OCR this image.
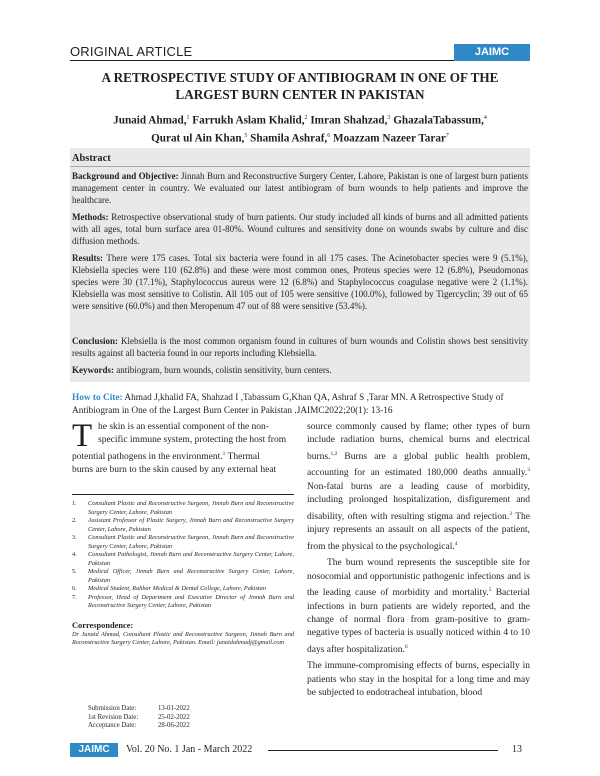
ORIGINAL ARTICLE	JAIMC
A RETROSPECTIVE STUDY OF ANTIBIOGRAM IN ONE OF THE
LARGEST BURN CENTER IN PAKISTAN
Junaid Ahmad,$^1$ Farrukh Aslam Khalid,$^2$ Imran Shahzad,$^3$ GhazalaTabassum,$^4$
Qurat ul Ain Khan,$^5$ Shamila Ashraf,$^6$ Moazzam Nazeer Tarar$^7$
Abstract
Background and Objective: Jinnah Burn and Reconstructive Surgery Center, Lahore, Pakistan is one of largest burn patients management center in country. We evaluated our latest antibiogram of burn wounds to help patients and improve the healthcare.
Methods: Retrospective observational study of burn patients. Our study included all kinds of burns and all admitted patients with all ages, total burn surface area 01-80%. Wound cultures and sensitivity done on wounds swabs by culture and disc diffusion methods.
Results: There were 175 cases. Total six bacteria were found in all 175 cases. The Acinetobacter species were 9 (5.1%), Klebsiella species were 110 (62.8%) and these were most common ones, Proteus species were 12 (6.8%), Pseudomonas species were 30 (17.1%), Staphylococcus aureus were 12 (6.8%) and Staphylococcus coagulase negative were 2 (1.1%). Klebsiella was most sensitive to Colistin. All 105 out of 105 were sensitive (100.0%), followed by Tigercyclin; 39 out of 65 were sensitive (60.0%) and then Meropenum 47 out of 88 were sensitive (53.4%).
Conclusion: Klebsiella is the most common organism found in cultures of burn wounds and Colistin shows best sensitivity results against all bacteria found in our reports including Klebsiella.
Keywords: antibiogram, burn wounds, colistin sensitivity, burn centers.
How to Cite: Ahmad J,khalid FA, Shahzad I ,Tabassum G,Khan QA, Ashraf S ,Tarar MN. A Retrospective Study of Antibiogram in One of the Largest Burn Center in Pakistan .JAIMC2022;20(1): 13-16
T he skin is an essential component of the non-
specific immune system, protecting the host from
potential pathogens in the environment.$^1$ Thermal
burns are burn to the skin caused by any external heat
1. Consultant Plastic and Reconstructive Surgeon, Jinnah Burn and Reconstructive Surgery Center, Lahore, Pakistan
2. Assistant Professor of Plastic Surgery, Jinnah Burn and Reconstructive Surgery Center, Lahore, Pakistan
3. Consultant Plastic and Reconstructive Surgeon, Jinnah Burn and Reconstructive Surgery Center, Lahore, Pakistan
4. Consultant Pathologist, Jinnah Burn and Reconstructive Surgery Center, Lahore, Pakistan
5. Medical Officer, Jinnah Burn and Reconstructive Surgery Center, Lahore, Pakistan
6. Medical Student, Rahbar Medical & Dental College, Lahore, Pakistan
7. Professor, Head of Department and Executive Director of Jinnah Burn and Reconstructive Surgery Center, Lahore, Pakistan
Correspondence:
Dr Junaid Ahmad, Consultant Plastic and Reconstructive Surgeon, Jinnah Burn and Reconstructive Surgery Center, Lahore, Pakistan. Email: junaidahmadj@gmail.com
Submission Date:	13-01-2022
1st Revision Date:	25-02-2022
Acceptance Date:	28-06-2022
source commonly caused by flame; other types of burn include radiation burns, chemical burns and electrical burns.$^{1,2}$ Burns are a global public health problem, accounting for an estimated 180,000 deaths annually.$^3$ Non-fatal burns are a leading cause of morbidity, including prolonged hospitalization, disfigurement and disability, often with resulting stigma and rejection.$^3$ The injury represents an assault on all aspects of the patient, from the physical to the psychological.$^4$
The burn wound represents the susceptible site for nosocomial and opportunistic pathogenic infections and is the leading cause of morbidity and mortality.$^5$ Bacterial infections in burn patients are widely reported, and the change of normal flora from gram-positive to gram-negative types of bacteria is usually noticed within 4 to 10 days after hospitalization.$^6$
The immune-compromising effects of burns, especially in patients who stay in the hospital for a long time and may be subjected to endotracheal intubation, blood
JAIMC	Vol. 20 No. 1 Jan - March 2022	13
